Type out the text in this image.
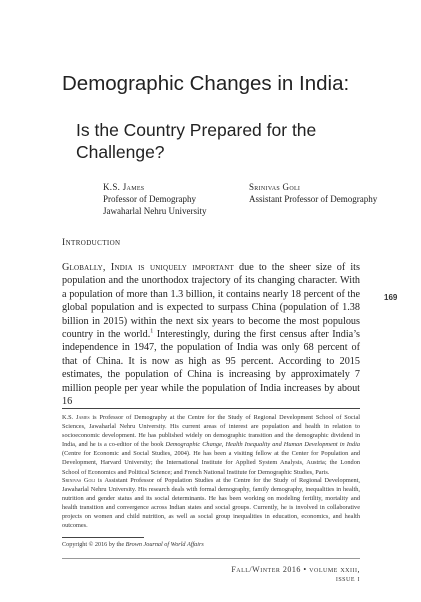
Demographic Changes in India:
Is the Country Prepared for the Challenge?
K.S. James
Professor of Demography
Jawaharlal Nehru University
Srinivas Goli
Assistant Professor of Demography
Introduction
Globally, India is uniquely important due to the sheer size of its population and the unorthodox trajectory of its changing character. With a population of more than 1.3 billion, it contains nearly 18 percent of the global population and is expected to surpass China (population of 1.38 billion in 2015) within the next six years to become the most populous country in the world.$^1$ Interestingly, during the first census after India’s independence in 1947, the population of India was only 68 percent of that of China. It is now as high as 95 percent. According to 2015 estimates, the population of China is increasing by approximately 7 million people per year while the population of India increases by about 16
169
K.S. James is Professor of Demography at the Centre for the Study of Regional Development School of Social Sciences, Jawaharlal Nehru University. His current areas of interest are population and health in relation to socioeconomic development. He has published widely on demographic transition and the demographic dividend in India, and he is a co-editor of the book Demographic Change, Health Inequality and Human Development in India (Centre for Economic and Social Studies, 2004). He has been a visiting fellow at the Center for Population and Development, Harvard University; the International Institute for Applied System Analysis, Austria; the London School of Economics and Political Science; and French National Institute for Demographic Studies, Paris.
Srinivas Goli is Assistant Professor of Population Studies at the Centre for the Study of Regional Development, Jawaharlal Nehru University. His research deals with formal demography, family demography, inequalities in health, nutrition and gender status and its social determinants. He has been working on modeling fertility, mortality and health transition and convergence across Indian states and social groups. Currently, he is involved in collaborative projects on women and child nutrition, as well as social group inequalities in education, economics, and health outcomes.
Copyright © 2016 by the Brown Journal of World Affairs
Fall/Winter 2016 • volume xxiii, issue i
